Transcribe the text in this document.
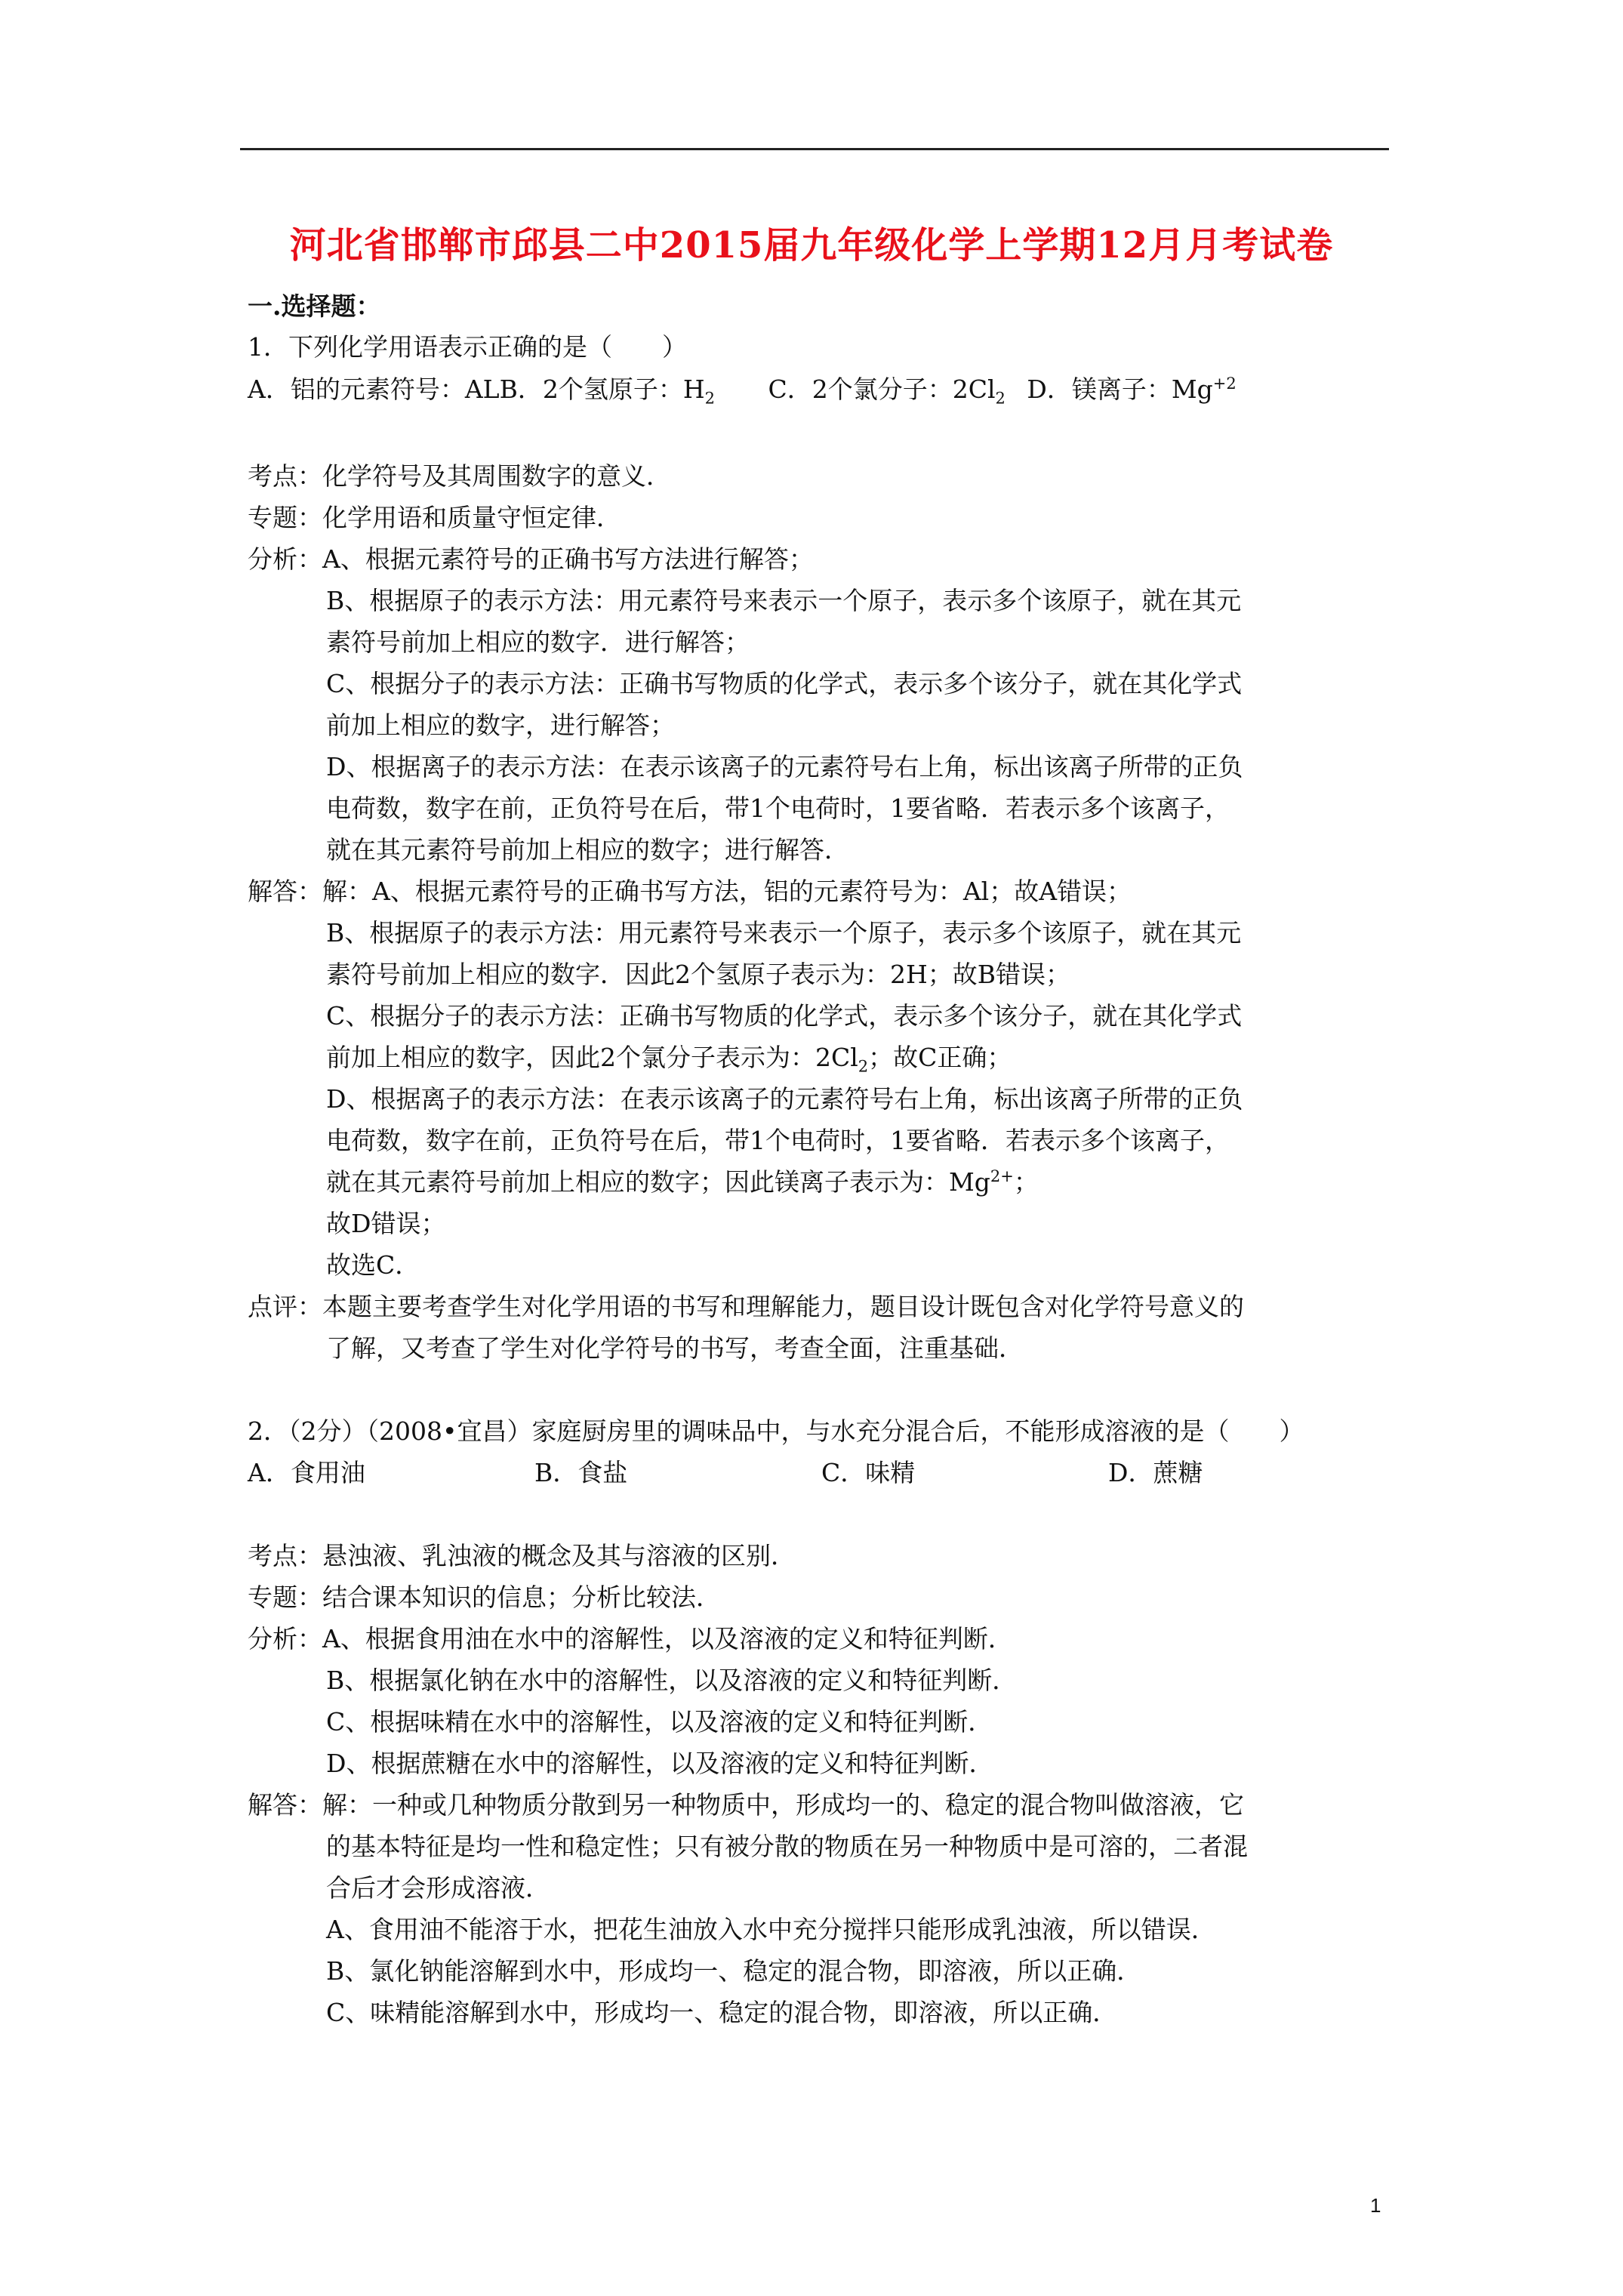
河北省邯郸市邱县二中2015届九年级化学上学期12月月考试卷
一.选择题：
1．下列化学用语表示正确的是（　　）
A．铝的元素符号：ALB．2个氢原子：$H_2$ C．2个氯分子：$2Cl_2$ D．镁离子：$Mg^{+2}$
考点：化学符号及其周围数字的意义．
专题：化学用语和质量守恒定律．
分析：A、根据元素符号的正确书写方法进行解答；
B、根据原子的表示方法：用元素符号来表示一个原子，表示多个该原子，就在其元
素符号前加上相应的数字．进行解答；
C、根据分子的表示方法：正确书写物质的化学式，表示多个该分子，就在其化学式
前加上相应的数字，进行解答；
D、根据离子的表示方法：在表示该离子的元素符号右上角，标出该离子所带的正负
电荷数，数字在前，正负符号在后，带1个电荷时，1要省略．若表示多个该离子，
就在其元素符号前加上相应的数字；进行解答．
解答：解：A、根据元素符号的正确书写方法，铝的元素符号为：Al；故A错误；
B、根据原子的表示方法：用元素符号来表示一个原子，表示多个该原子，就在其元
素符号前加上相应的数字．因此2个氢原子表示为：2H；故B错误；
C、根据分子的表示方法：正确书写物质的化学式，表示多个该分子，就在其化学式
前加上相应的数字，因此2个氯分子表示为：$2Cl_2$；故C正确；
D、根据离子的表示方法：在表示该离子的元素符号右上角，标出该离子所带的正负
电荷数，数字在前，正负符号在后，带1个电荷时，1要省略．若表示多个该离子，
就在其元素符号前加上相应的数字；因此镁离子表示为：$Mg^{2+}$；
故D错误；
故选C．
点评：本题主要考查学生对化学用语的书写和理解能力，题目设计既包含对化学符号意义的
了解，又考查了学生对化学符号的书写，考查全面，注重基础．
2．（2分）（2008•宜昌）家庭厨房里的调味品中，与水充分混合后，不能形成溶液的是（　　）
A．食用油	B．食盐	C．味精	D．蔗糖
考点：悬浊液、乳浊液的概念及其与溶液的区别．
专题：结合课本知识的信息；分析比较法．
分析：A、根据食用油在水中的溶解性，以及溶液的定义和特征判断．
B、根据氯化钠在水中的溶解性，以及溶液的定义和特征判断．
C、根据味精在水中的溶解性，以及溶液的定义和特征判断．
D、根据蔗糖在水中的溶解性，以及溶液的定义和特征判断．
解答：解：一种或几种物质分散到另一种物质中，形成均一的、稳定的混合物叫做溶液，它
的基本特征是均一性和稳定性；只有被分散的物质在另一种物质中是可溶的，二者混
合后才会形成溶液．
A、食用油不能溶于水，把花生油放入水中充分搅拌只能形成乳浊液，所以错误．
B、氯化钠能溶解到水中，形成均一、稳定的混合物，即溶液，所以正确．
C、味精能溶解到水中，形成均一、稳定的混合物，即溶液，所以正确．
1
